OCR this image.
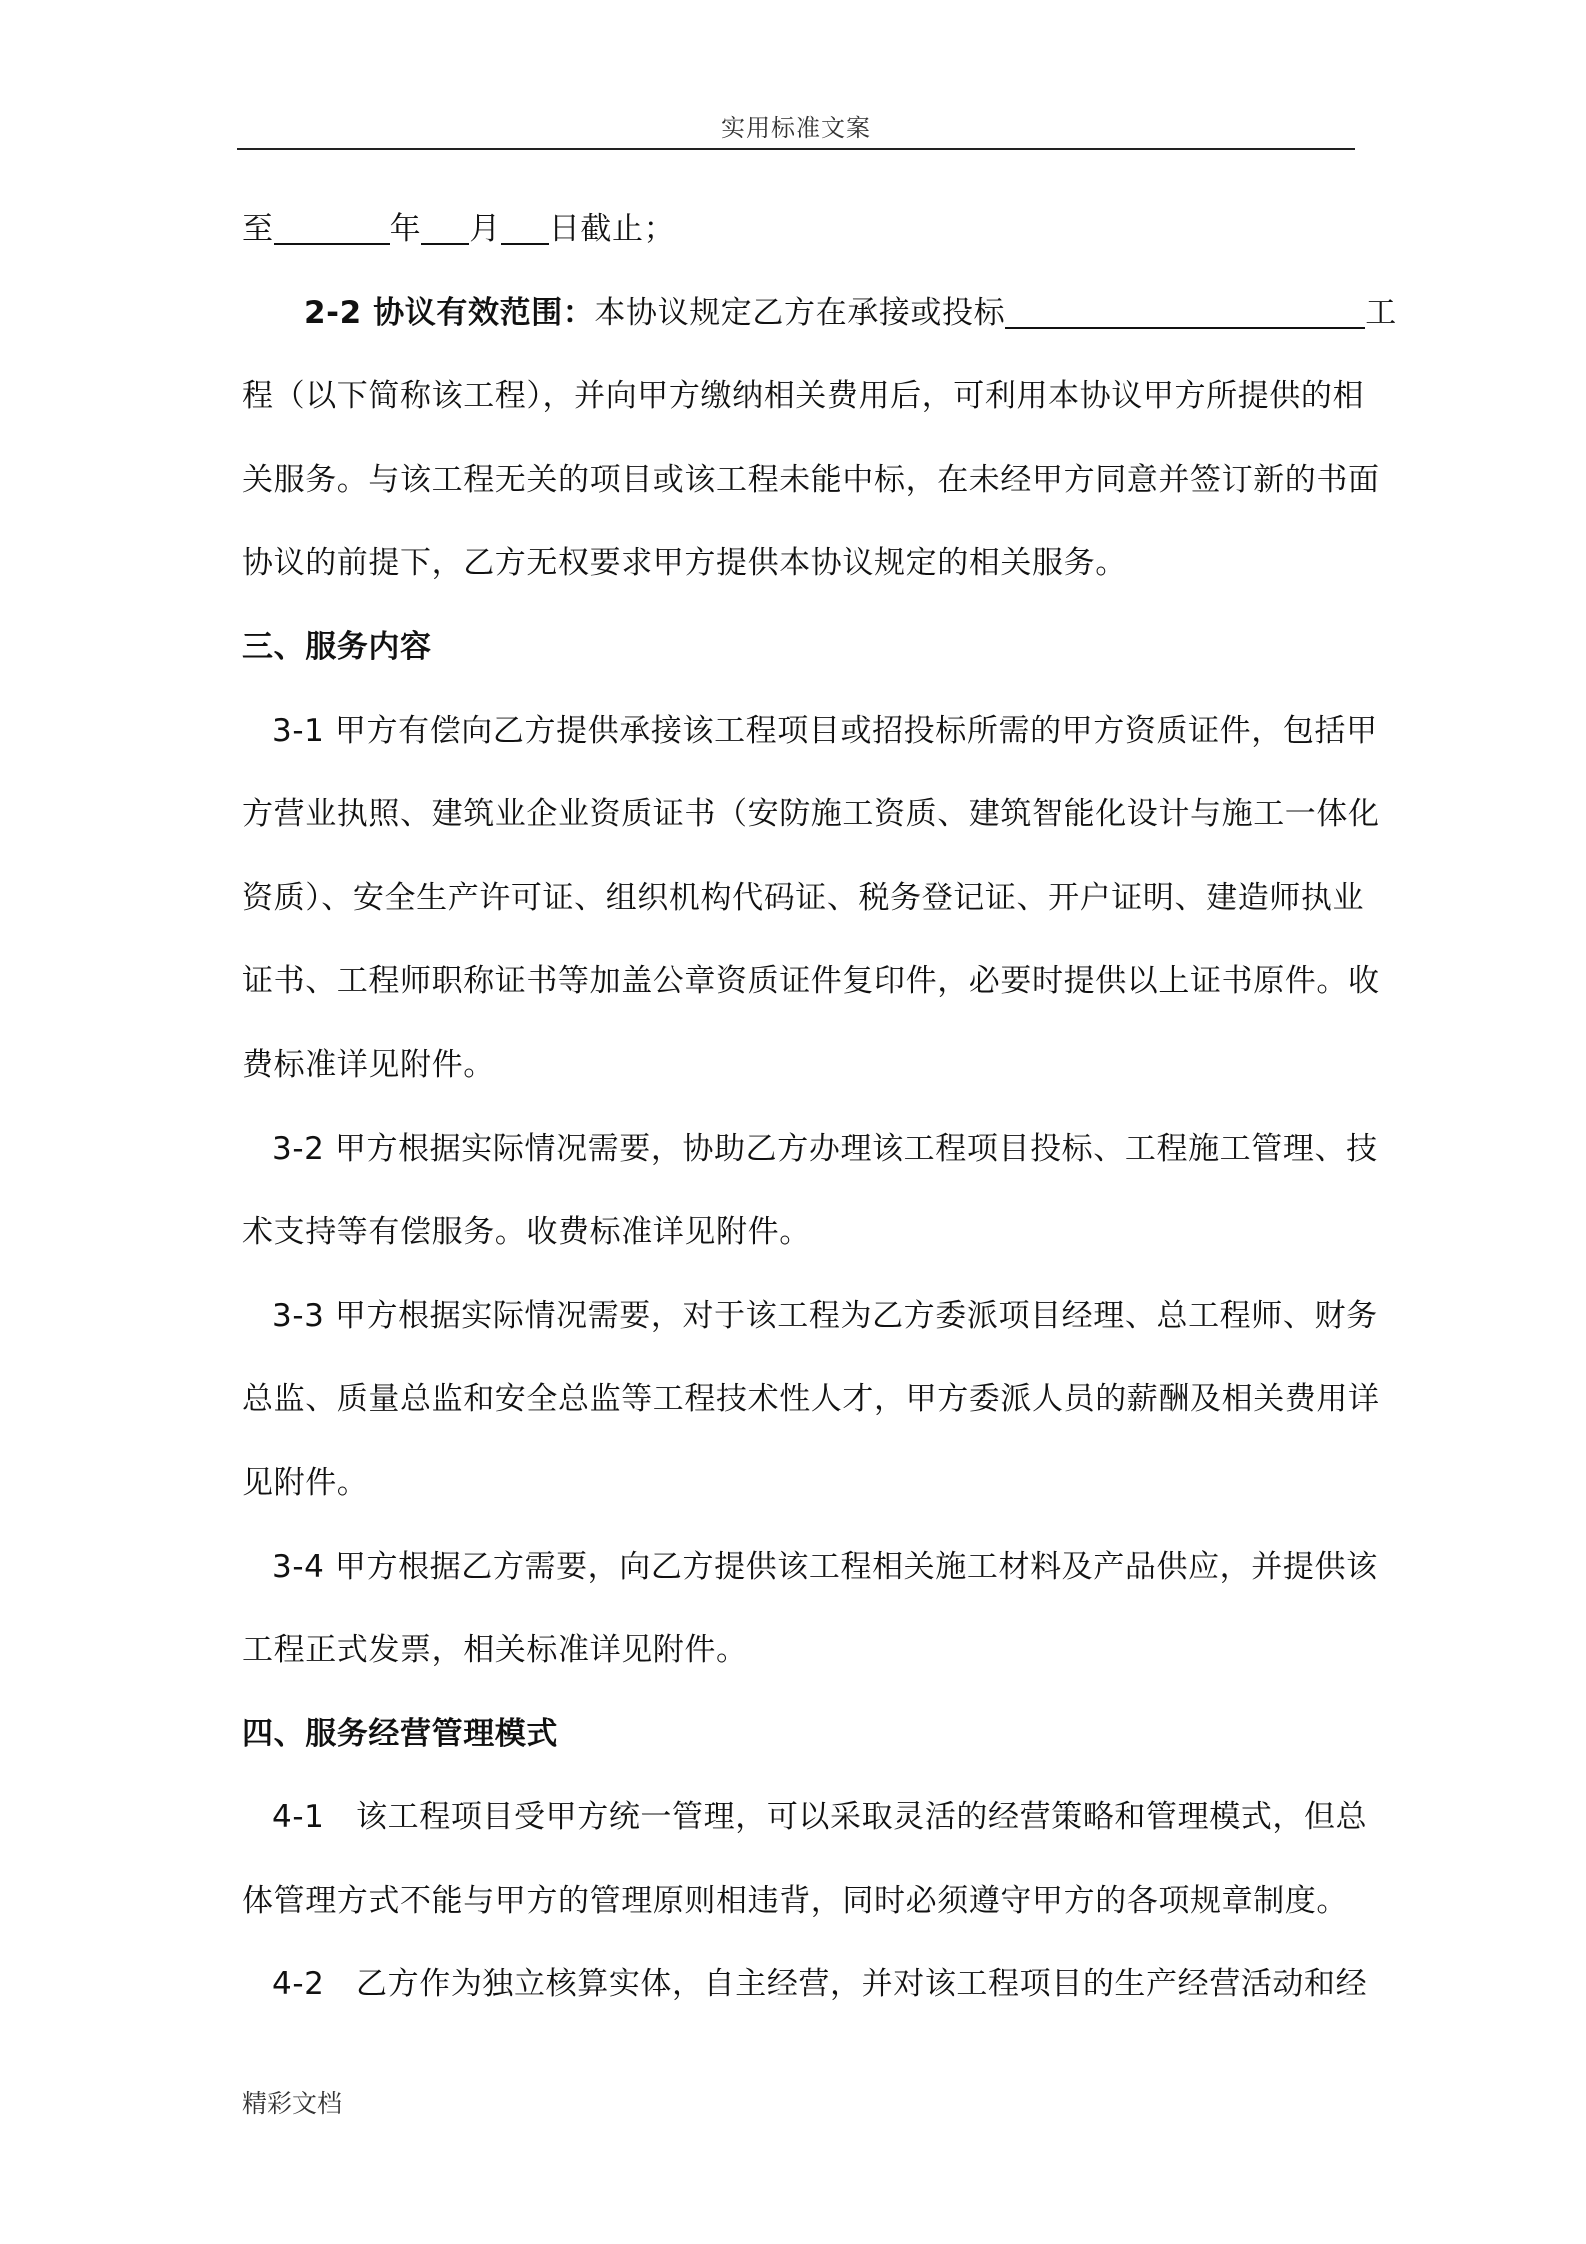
实用标准文案
至	年 月 日截止；
2-2 协议有效范围：本协议规定乙方在承接或投标	工
程（以下简称该工程），并向甲方缴纳相关费用后，可利用本协议甲方所提供的相
关服务。与该工程无关的项目或该工程未能中标，在未经甲方同意并签订新的书面
协议的前提下，乙方无权要求甲方提供本协议规定的相关服务。
三、服务内容
3-1 甲方有偿向乙方提供承接该工程项目或招投标所需的甲方资质证件，包括甲
方营业执照、建筑业企业资质证书（安防施工资质、建筑智能化设计与施工一体化
资质）、安全生产许可证、组织机构代码证、税务登记证、开户证明、建造师执业
证书、工程师职称证书等加盖公章资质证件复印件，必要时提供以上证书原件。收
费标准详见附件。
3-2 甲方根据实际情况需要，协助乙方办理该工程项目投标、工程施工管理、技
术支持等有偿服务。收费标准详见附件。
3-3 甲方根据实际情况需要，对于该工程为乙方委派项目经理、总工程师、财务
总监、质量总监和安全总监等工程技术性人才，甲方委派人员的薪酬及相关费用详
见附件。
3-4 甲方根据乙方需要，向乙方提供该工程相关施工材料及产品供应，并提供该
工程正式发票，相关标准详见附件。
四、服务经营管理模式
4-1　该工程项目受甲方统一管理，可以采取灵活的经营策略和管理模式，但总
体管理方式不能与甲方的管理原则相违背，同时必须遵守甲方的各项规章制度。
4-2　乙方作为独立核算实体，自主经营，并对该工程项目的生产经营活动和经
精彩文档
